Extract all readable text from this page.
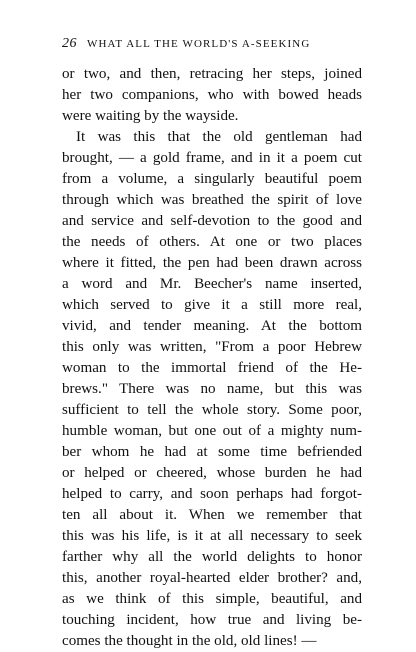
26 WHAT ALL THE WORLD'S A-SEEKING
or two, and then, retracing her steps, joined
her two companions, who with bowed heads
were waiting by the wayside.
It was this that the old gentleman had
brought, — a gold frame, and in it a poem cut
from a volume, a singularly beautiful poem
through which was breathed the spirit of love
and service and self-devotion to the good and
the needs of others. At one or two places
where it fitted, the pen had been drawn across
a word and Mr. Beecher's name inserted,
which served to give it a still more real,
vivid, and tender meaning. At the bottom
this only was written, "From a poor Hebrew
woman to the immortal friend of the He-
brews." There was no name, but this was
sufficient to tell the whole story. Some poor,
humble woman, but one out of a mighty num-
ber whom he had at some time befriended
or helped or cheered, whose burden he had
helped to carry, and soon perhaps had forgot-
ten all about it. When we remember that
this was his life, is it at all necessary to seek
farther why all the world delights to honor
this, another royal-hearted elder brother? and,
as we think of this simple, beautiful, and
touching incident, how true and living be-
comes the thought in the old, old lines! —
